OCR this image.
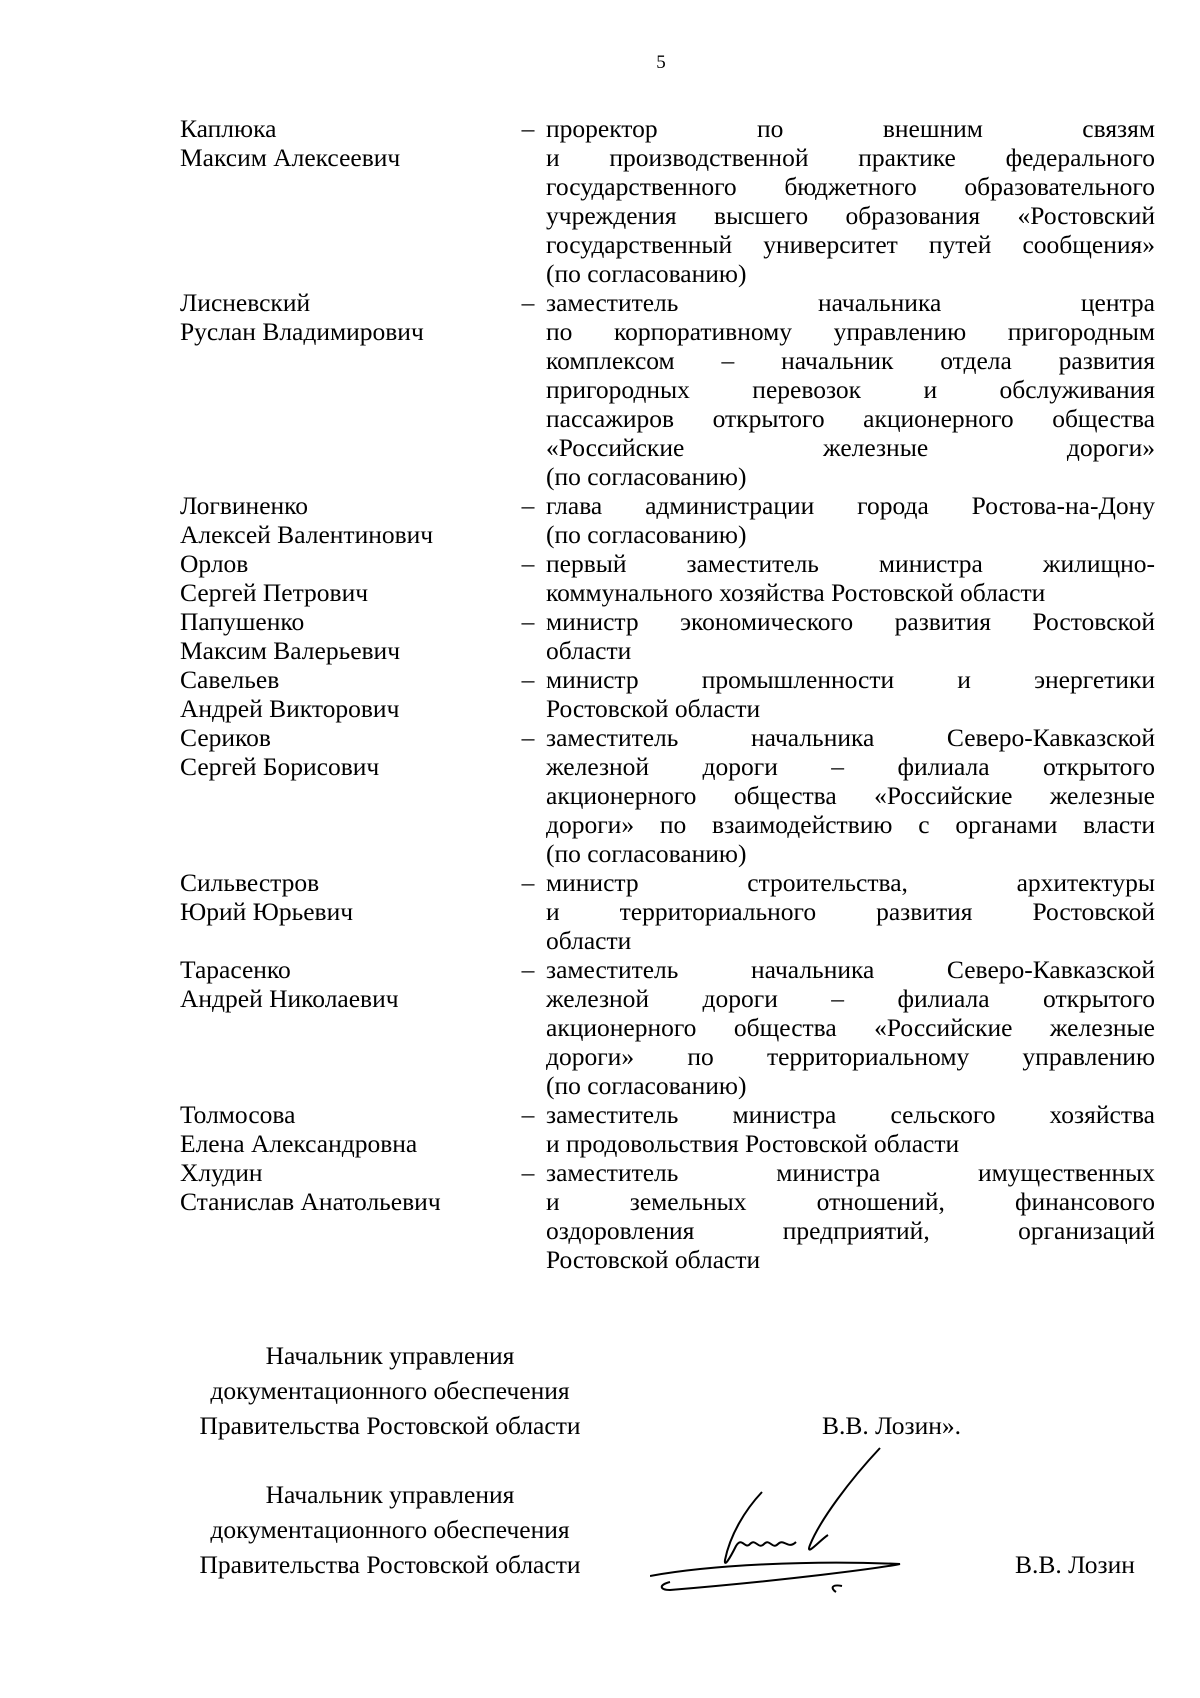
5
Каплюка
Максим Алексеевич
– проректор по внешним связям
и производственной практике федерального
государственного бюджетного образовательного
учреждения высшего образования «Ростовский
государственный университет путей сообщения»
(по согласованию)
Лисневский
Руслан Владимирович
– заместитель начальника центра
по корпоративному управлению пригородным
комплексом – начальник отдела развития
пригородных перевозок и обслуживания
пассажиров открытого акционерного общества
«Российские железные дороги»
(по согласованию)
Логвиненко
Алексей Валентинович
– глава администрации города Ростова-на-Дону
(по согласованию)
Орлов
Сергей Петрович
– первый заместитель министра жилищно-
коммунального хозяйства Ростовской области
Папушенко
Максим Валерьевич
– министр экономического развития Ростовской
области
Савельев
Андрей Викторович
– министр промышленности и энергетики
Ростовской области
Сериков
Сергей Борисович
– заместитель начальника Северо-Кавказской
железной дороги – филиала открытого
акционерного общества «Российские железные
дороги» по взаимодействию с органами власти
(по согласованию)
Сильвестров
Юрий Юрьевич
– министр строительства, архитектуры
и территориального развития Ростовской
области
Тарасенко
Андрей Николаевич
– заместитель начальника Северо-Кавказской
железной дороги – филиала открытого
акционерного общества «Российские железные
дороги» по территориальному управлению
(по согласованию)
Толмосова
Елена Александровна
– заместитель министра сельского хозяйства
и продовольствия Ростовской области
Хлудин
Станислав Анатольевич
– заместитель министра имущественных
и земельных отношений, финансового
оздоровления предприятий, организаций
Ростовской области
Начальник управления
документационного обеспечения
Правительства Ростовской области	В.В. Лозин».
Начальник управления
документационного обеспечения
Правительства Ростовской области	В.В. Лозин
